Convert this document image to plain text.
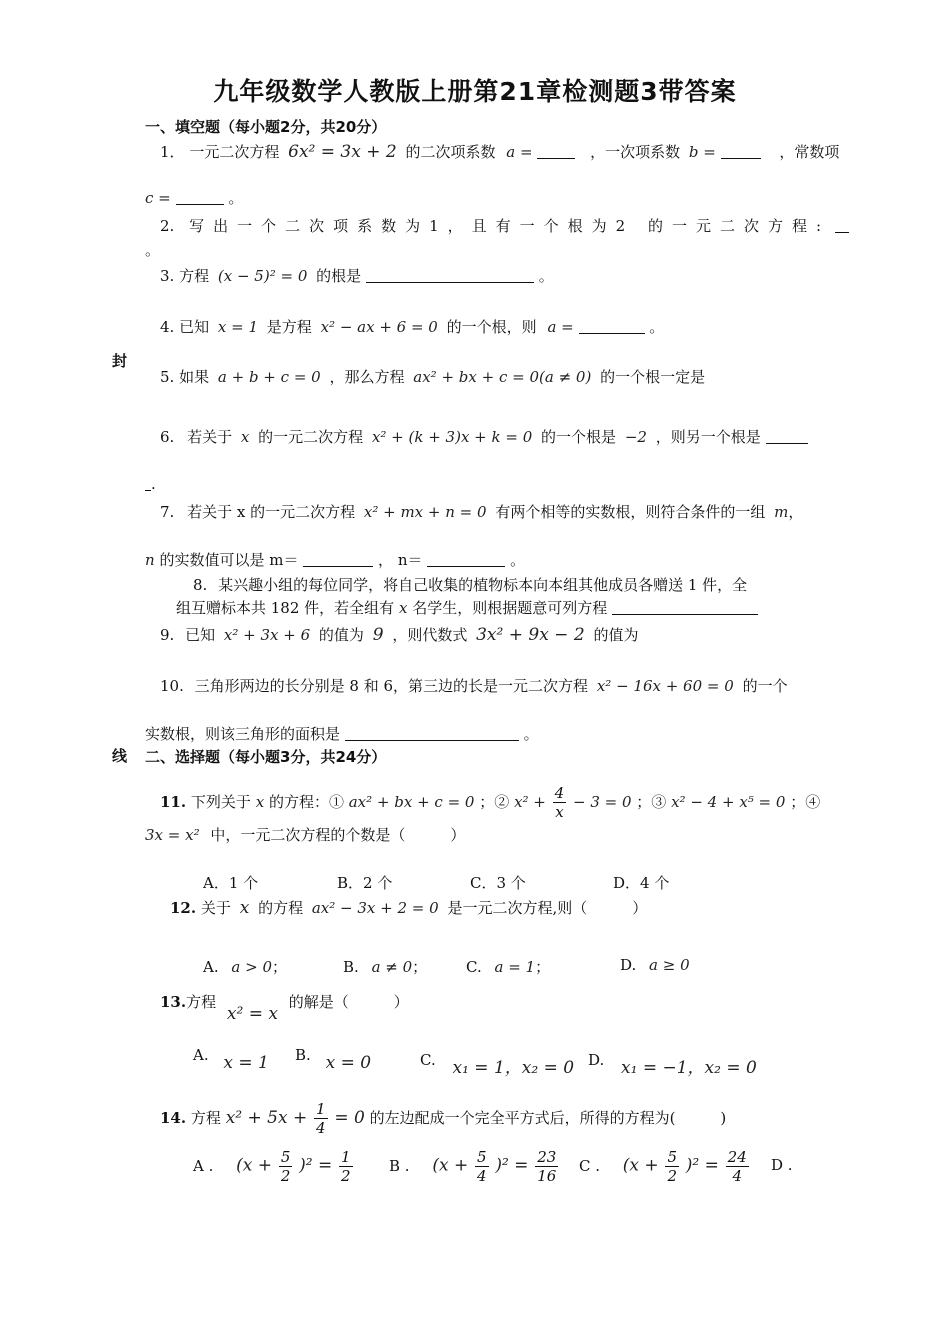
九年级数学人教版上册第21章检测题3带答案
封
线
一、填空题（每小题2分，共20分）
1． 一元二次方程 6x² = 3x + 2 的二次项系数 a =	，一次项系数 b =	，常数项
c =	。
2. 写出一个二次项系数为1，且有一个根为2 的一元二次方程:
。
3. 方程 (x − 5)² = 0 的根是	。
4. 已知 x = 1 是方程 x² − ax + 6 = 0 的一个根，则 a =	。
5. 如果 a + b + c = 0 ，那么方程 ax² + bx + c = 0(a ≠ 0) 的一个根一定是
6. 若关于 x 的一元二次方程 x² + (k + 3)x + k = 0 的一个根是 −2 ，则另一个根是
.
7. 若关于 x 的一元二次方程 x² + mx + n = 0 有两个相等的实数根，则符合条件的一组 m，
n 的实数值可以是 m＝	， n＝	。
8. 某兴趣小组的每位同学，将自己收集的植物标本向本组其他成员各赠送 1 件，全
组互赠标本共 182 件，若全组有 x 名学生，则根据题意可列方程
9. 已知 x² + 3x + 6 的值为 9 ，则代数式 3x² + 9x − 2 的值为
10. 三角形两边的长分别是 8 和 6，第三边的长是一元二次方程 x² − 16x + 60 = 0 的一个
实数根，则该三角形的面积是	。
二、选择题（每小题3分，共24分）
11. 下列关于 x 的方程：① ax² + bx + c = 0 ；② $x^2 + \frac{4}{x} - 3 = 0$ ；③ x² − 4 + x⁵ = 0 ；④
3x = x² 中，一元二次方程的个数是（　　　）
A．1 个	B．2 个	C．3 个	D．4 个
12. 关于 x 的方程 ax² − 3x + 2 = 0 是一元二次方程,则（　　　）
A. a > 0；	B. a ≠ 0；	C. a = 1；	D. a ≥ 0
13.方程 x² = x 的解是（　　　）
A. x = 1 B. x = 0	C. x₁ = 1，x₂ = 0 D. x₁ = −1，x₂ = 0
14. 方程 $x^2 + 5x + \frac{1}{4} = 0$ 的左边配成一个完全平方式后，所得的方程为(　　　)
A . $(x + \frac{5}{2} )^2 = \frac{1}{2}$ B . $(x + \frac{5}{4} )^2 = \frac{23}{16}$ C . $(x + \frac{5}{2} )^2 = \frac{24}{4}$ D .
